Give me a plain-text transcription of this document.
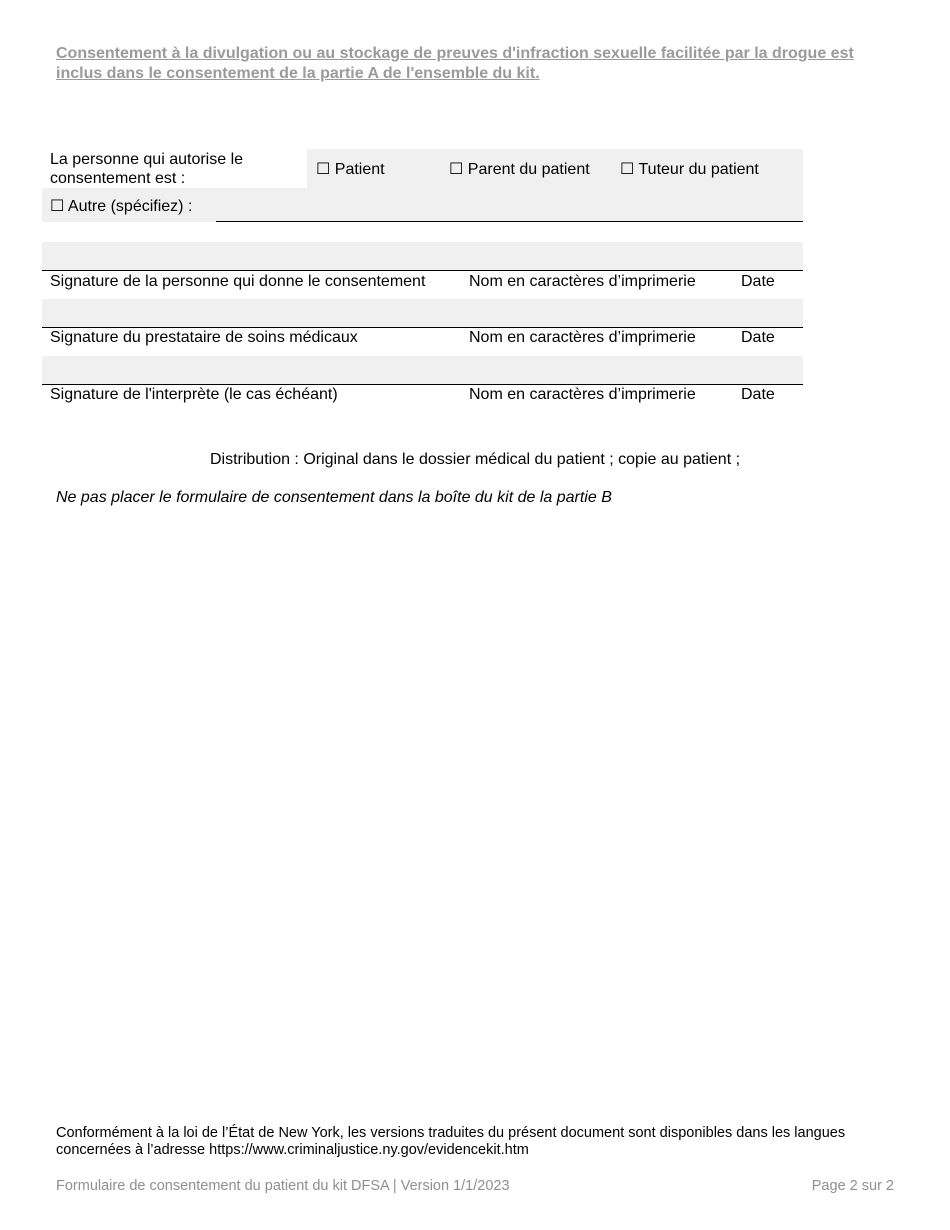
Consentement à la divulgation ou au stockage de preuves d'infraction sexuelle facilitée par la drogue est inclus dans le consentement de la partie A de l'ensemble du kit.
La personne qui autorise le consentement est :
☐ Patient	☐ Parent du patient ☐ Tuteur du patient
☐ Autre (spécifiez) :
Signature de la personne qui donne le consentement	Nom en caractères d’imprimerie	Date
Signature du prestataire de soins médicaux	Nom en caractères d’imprimerie	Date
Signature de l'interprète (le cas échéant)	Nom en caractères d’imprimerie	Date
Distribution : Original dans le dossier médical du patient ; copie au patient ;
Ne pas placer le formulaire de consentement dans la boîte du kit de la partie B
Conformément à la loi de l’État de New York, les versions traduites du présent document sont disponibles dans les langues concernées à l’adresse https://www.criminaljustice.ny.gov/evidencekit.htm
Formulaire de consentement du patient du kit DFSA | Version 1/1/2023	Page 2 sur 2
